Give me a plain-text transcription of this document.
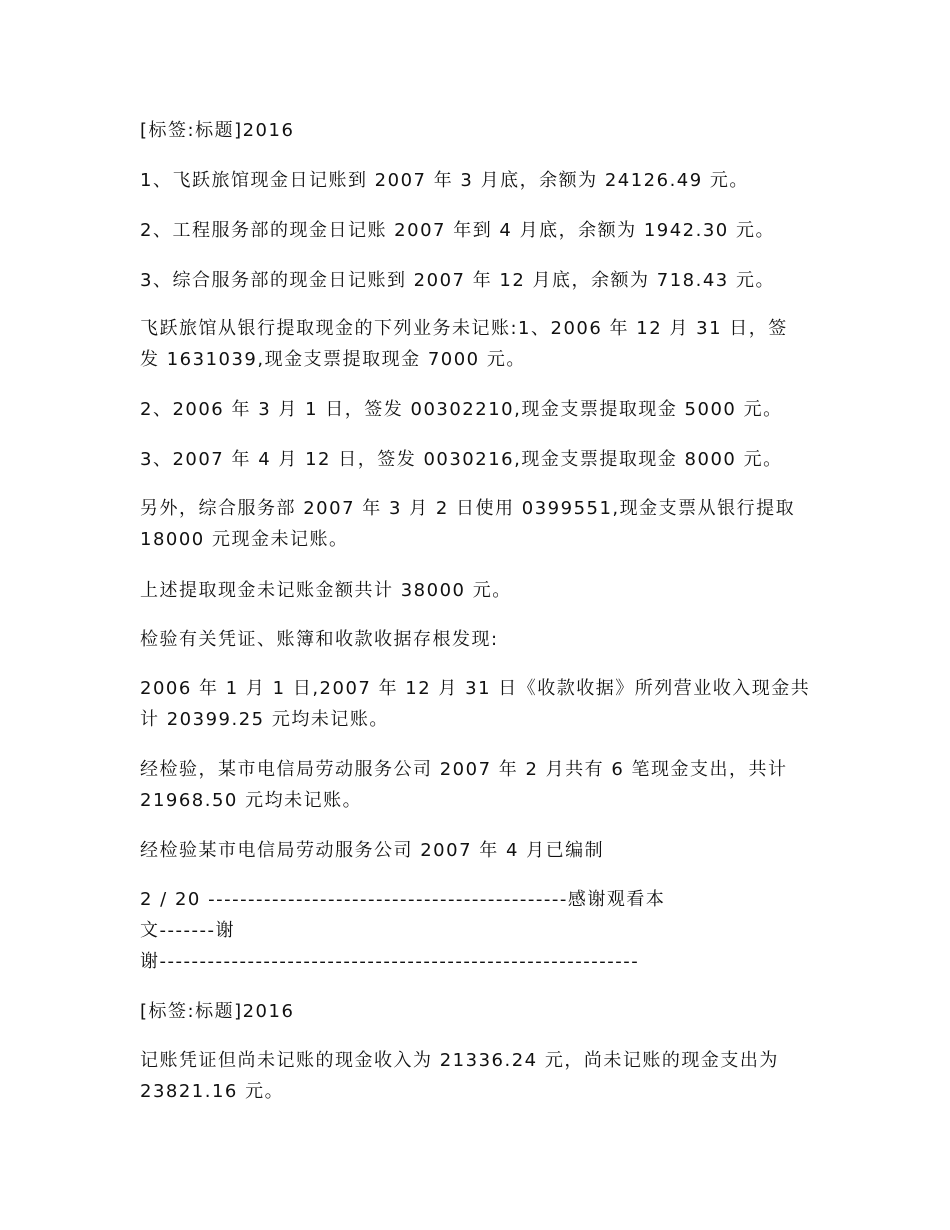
[标签:标题]2016

1、飞跃旅馆现金日记账到 2007 年 3 月底，余额为 24126.49 元。

2、工程服务部的现金日记账 2007 年到 4 月底，余额为 1942.30 元。

3、综合服务部的现金日记账到 2007 年 12 月底，余额为 718.43 元。

飞跃旅馆从银行提取现金的下列业务未记账:1、2006 年 12 月 31 日，签
发 1631039,现金支票提取现金 7000 元。

2、2006 年 3 月 1 日，签发 00302210,现金支票提取现金 5000 元。

3、2007 年 4 月 12 日，签发 0030216,现金支票提取现金 8000 元。

另外，综合服务部 2007 年 3 月 2 日使用 0399551,现金支票从银行提取
18000 元现金未记账。

上述提取现金未记账金额共计 38000 元。

检验有关凭证、账簿和收款收据存根发现:

2006 年 1 月 1 日,2007 年 12 月 31 日《收款收据》所列营业收入现金共
计 20399.25 元均未记账。

经检验，某市电信局劳动服务公司 2007 年 2 月共有 6 笔现金支出，共计
21968.50 元均未记账。

经检验某市电信局劳动服务公司 2007 年 4 月已编制

2 / 20 ---------------------------------------------感谢观看本
文-------谢
谢------------------------------------------------------------

[标签:标题]2016

记账凭证但尚未记账的现金收入为 21336.24 元，尚未记账的现金支出为
23821.16 元。
